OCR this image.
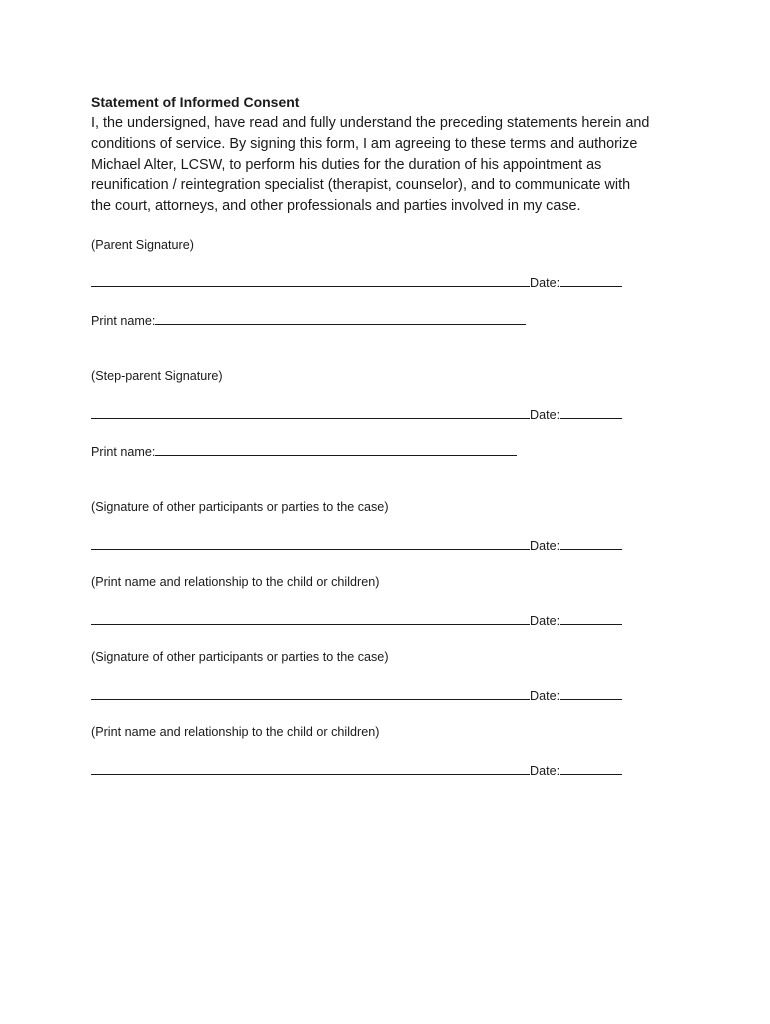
Statement of Informed Consent
I, the undersigned, have read and fully understand the preceding statements herein and
conditions of service. By signing this form, I am agreeing to these terms and authorize
Michael Alter, LCSW, to perform his duties for the duration of his appointment as
reunification / reintegration specialist (therapist, counselor), and to communicate with
the court, attorneys, and other professionals and parties involved in my case.
(Parent Signature)
Date:
Print name:
(Step-parent Signature)
Date:
Print name:
(Signature of other participants or parties to the case)
Date:
(Print name and relationship to the child or children)
Date:
(Signature of other participants or parties to the case)
Date:
(Print name and relationship to the child or children)
Date:
